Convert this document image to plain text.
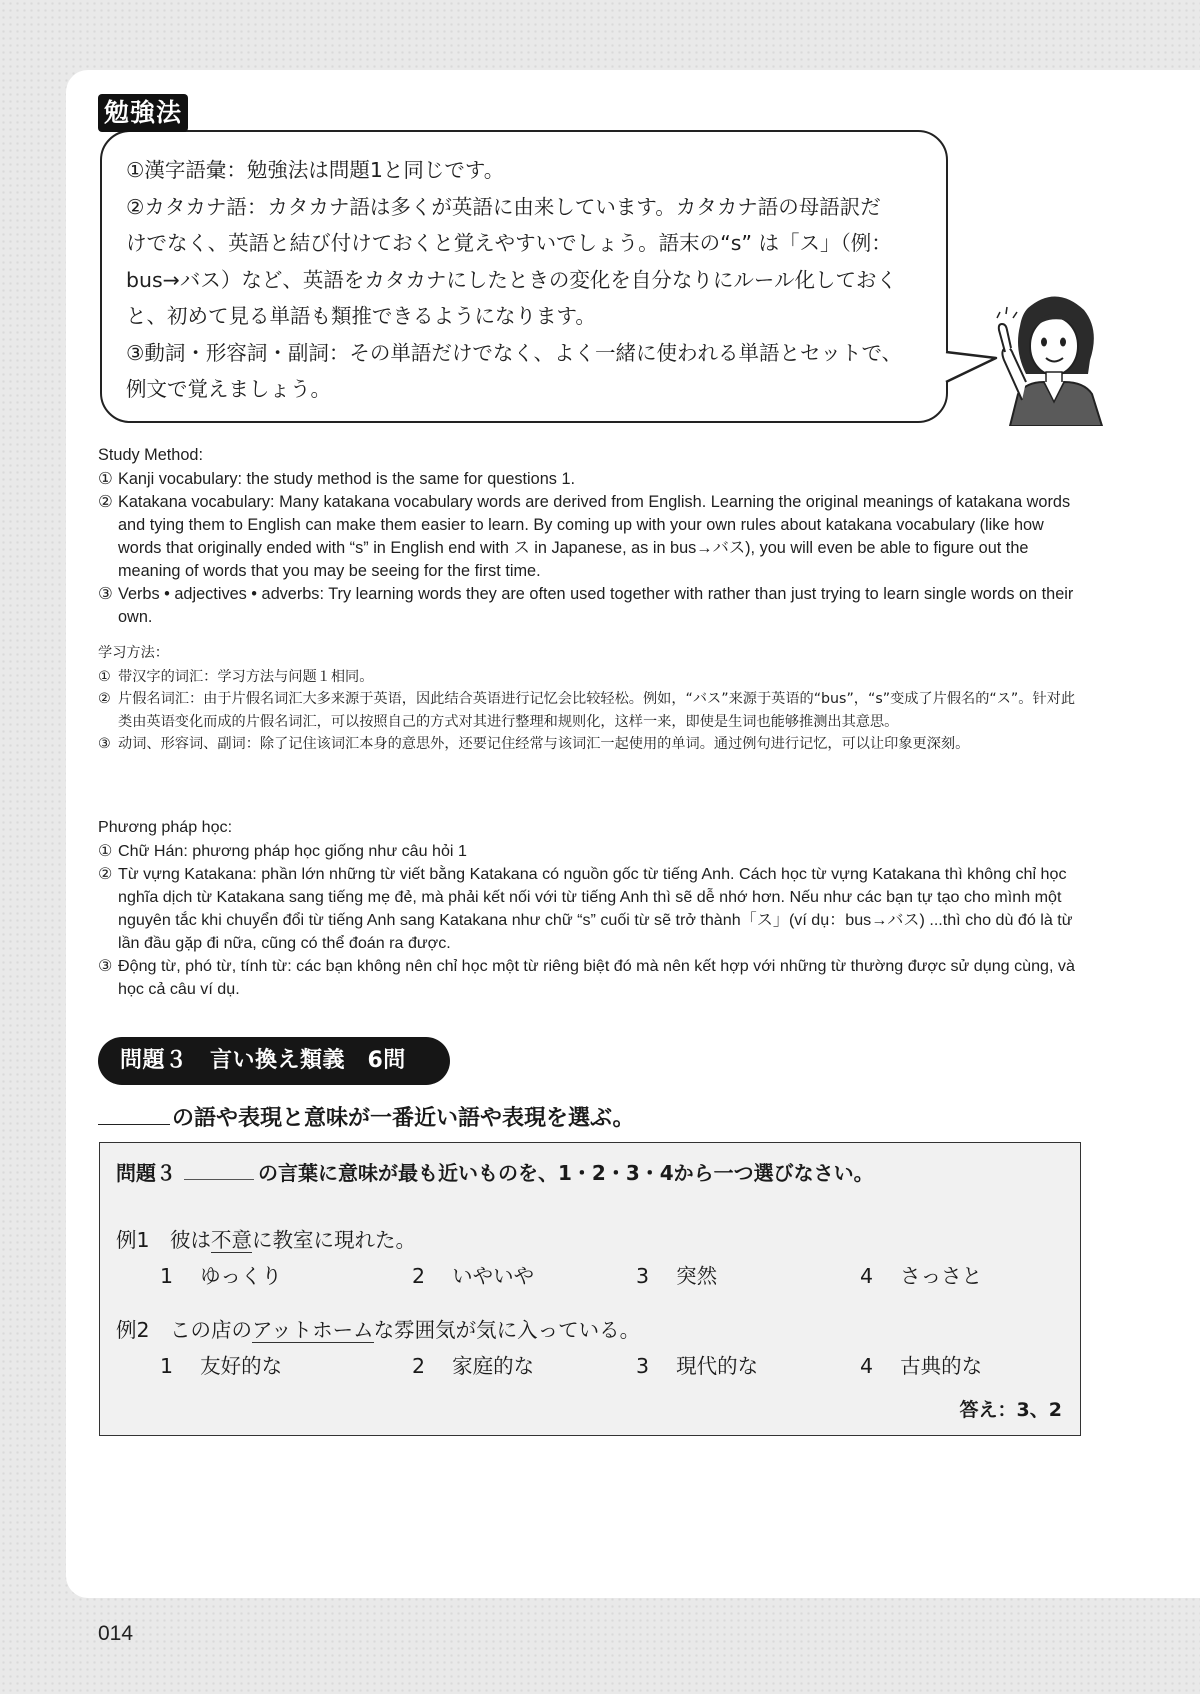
勉強法
①漢字語彙：勉強法は問題1と同じです。
②カタカナ語：カタカナ語は多くが英語に由来しています。カタカナ語の母語訳だ
けでなく、英語と結び付けておくと覚えやすいでしょう。語末の“s” は「ス」（例：
bus→バス）など、英語をカタカナにしたときの変化を自分なりにルール化しておく
と、初めて見る単語も類推できるようになります。
③動詞・形容詞・副詞：その単語だけでなく、よく一緒に使われる単語とセットで、
例文で覚えましょう。
Study Method:
① Kanji vocabulary: the study method is the same for questions 1.
② Katakana vocabulary: Many katakana vocabulary words are derived from English. Learning the original meanings of katakana words and tying them to English can make them easier to learn. By coming up with your own rules about katakana vocabulary (like how words that originally ended with “s” in English end with ス in Japanese, as in bus→バス), you will even be able to figure out the meaning of words that you may be seeing for the first time.
③ Verbs • adjectives • adverbs: Try learning words they are often used together with rather than just trying to learn single words on their own.
学习方法：
① 带汉字的词汇：学习方法与问题１相同。
② 片假名词汇：由于片假名词汇大多来源于英语，因此结合英语进行记忆会比较轻松。例如，“バス”来源于英语的“bus”，“s”变成了片假名的“ス”。针对此类由英语变化而成的片假名词汇，可以按照自己的方式对其进行整理和规则化，这样一来，即使是生词也能够推测出其意思。
③ 动词、形容词、副词：除了记住该词汇本身的意思外，还要记住经常与该词汇一起使用的单词。通过例句进行记忆，可以让印象更深刻。
Phương pháp học:
① Chữ Hán: phương pháp học giống như câu hỏi 1
② Từ vựng Katakana: phần lớn những từ viết bằng Katakana có nguồn gốc từ tiếng Anh. Cách học từ vựng Katakana thì không chỉ học nghĩa dịch từ Katakana sang tiếng mẹ đẻ, mà phải kết nối với từ tiếng Anh thì sẽ dễ nhớ hơn. Nếu như các bạn tự tạo cho mình một nguyên tắc khi chuyển đổi từ tiếng Anh sang Katakana như chữ “s” cuối từ sẽ trở thành「ス」(ví dụ：bus→バス) ...thì cho dù đó là từ lần đầu gặp đi nữa, cũng có thể đoán ra được.
③ Động từ, phó từ, tính từ: các bạn không nên chỉ học một từ riêng biệt đó mà nên kết hợp với những từ thường được sử dụng cùng, và học cả câu ví dụ.
問題３　言い換え類義　6問
の語や表現と意味が一番近い語や表現を選ぶ。
問題３	の言葉に意味が最も近いものを、1・2・3・4から一つ選びなさい。
例1　 彼は不意に教室に現れた。
1　 ゆっくり	2　 いやいや	3　 突然	4　 さっさと
例2　 この店のアットホームな雰囲気が気に入っている。
1　 友好的な	2　 家庭的な	3　 現代的な	4　 古典的な
答え：3、2
014
